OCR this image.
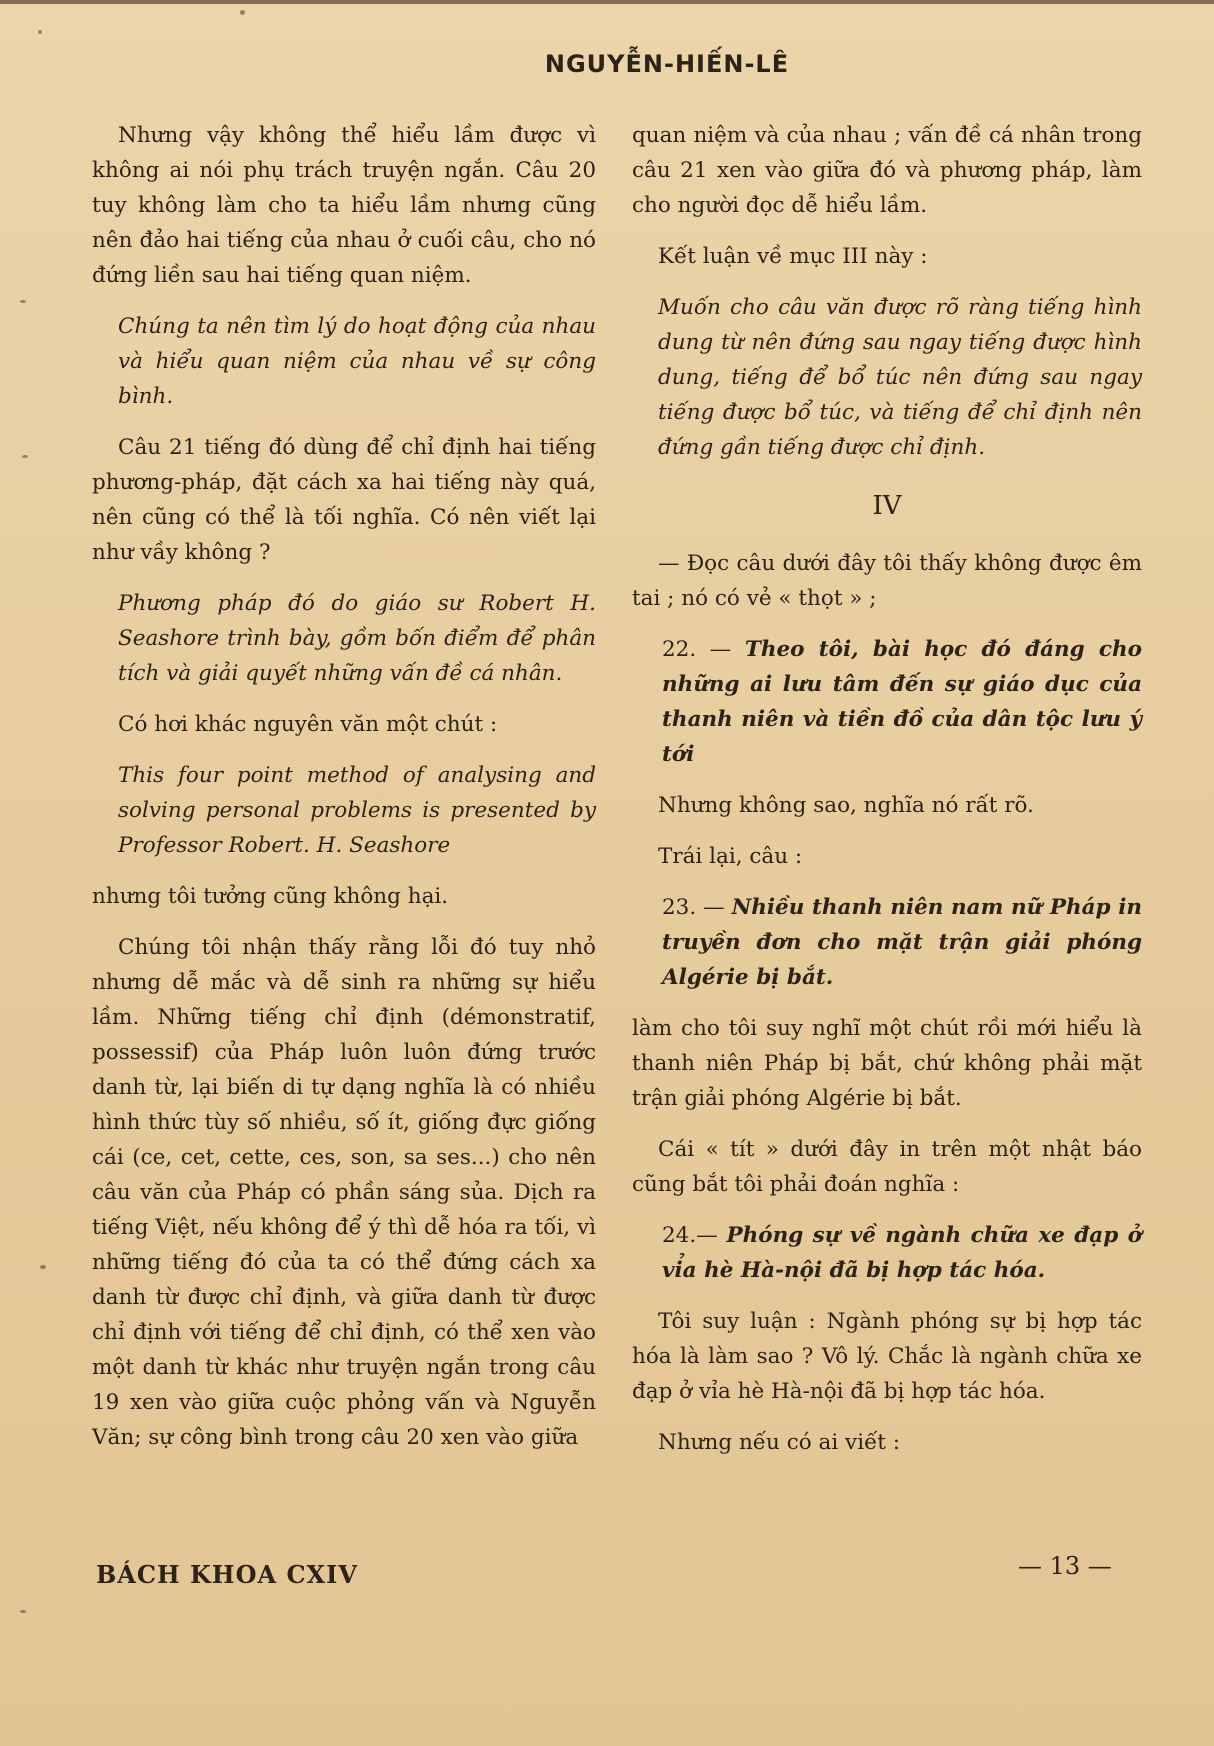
NGUYỄN-HIẾN-LÊ

Nhưng vậy không thể hiểu lầm được vì không ai nói phụ trách truyện ngắn. Câu 20 tuy không làm cho ta hiểu lầm nhưng cũng nên đảo hai tiếng của nhau ở cuối câu, cho nó đứng liền sau hai tiếng quan niệm.

Chúng ta nên tìm lý do hoạt động của nhau và hiểu quan niệm của nhau về sự công bình.

Câu 21 tiếng đó dùng để chỉ định hai tiếng phương-pháp, đặt cách xa hai tiếng này quá, nên cũng có thể là tối nghĩa. Có nên viết lại như vầy không ?

Phương pháp đó do giáo sư Robert H. Seashore trình bày, gồm bốn điểm để phân tích và giải quyết những vấn đề cá nhân.

Có hơi khác nguyên văn một chút :

This four point method of analysing and solving personal problems is presented by Professor Robert. H. Seashore

nhưng tôi tưởng cũng không hại.

Chúng tôi nhận thấy rằng lỗi đó tuy nhỏ nhưng dễ mắc và dễ sinh ra những sự hiểu lầm. Những tiếng chỉ định (démonstratif, possessif) của Pháp luôn luôn đứng trước danh từ, lại biến di tự dạng nghĩa là có nhiều hình thức tùy số nhiều, số ít, giống đực giống cái (ce, cet, cette, ces, son, sa ses...) cho nên câu văn của Pháp có phần sáng sủa. Dịch ra tiếng Việt, nếu không để ý thì dễ hóa ra tối, vì những tiếng đó của ta có thể đứng cách xa danh từ được chỉ định, và giữa danh từ được chỉ định với tiếng để chỉ định, có thể xen vào một danh từ khác như truyện ngắn trong câu 19 xen vào giữa cuộc phỏng vấn và Nguyễn Văn; sự công bình trong câu 20 xen vào giữa

quan niệm và của nhau ; vấn đề cá nhân trong câu 21 xen vào giữa đó và phương pháp, làm cho người đọc dễ hiểu lầm.

Kết luận về mục III này :

Muốn cho câu văn được rõ ràng tiếng hình dung từ nên đứng sau ngay tiếng được hình dung, tiếng để bổ túc nên đứng sau ngay tiếng được bổ túc, và tiếng để chỉ định nên đứng gần tiếng được chỉ định.

IV

— Đọc câu dưới đây tôi thấy không được êm tai ; nó có vẻ « thọt » ;

22. — Theo tôi, bài học đó đáng cho những ai lưu tâm đến sự giáo dục của thanh niên và tiền đồ của dân tộc lưu ý tới

Nhưng không sao, nghĩa nó rất rõ.

Trái lại, câu :

23. — Nhiều thanh niên nam nữ Pháp in truyền đơn cho mặt trận giải phóng Algérie bị bắt.

làm cho tôi suy nghĩ một chút rồi mới hiểu là thanh niên Pháp bị bắt, chứ không phải mặt trận giải phóng Algérie bị bắt.

Cái « tít » dưới đây in trên một nhật báo cũng bắt tôi phải đoán nghĩa :

24.— Phóng sự về ngành chữa xe đạp ở vỉa hè Hà-nội đã bị hợp tác hóa.

Tôi suy luận : Ngành phóng sự bị hợp tác hóa là làm sao ? Vô lý. Chắc là ngành chữa xe đạp ở vỉa hè Hà-nội đã bị hợp tác hóa.

Nhưng nếu có ai viết :

BÁCH KHOA CXIV	— 13 —
